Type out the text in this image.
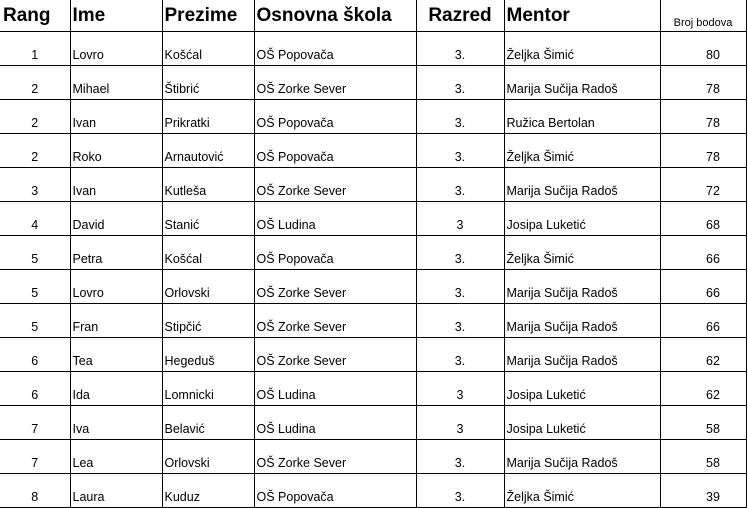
Rang	Ime	Prezime	Osnovna škola	Razred	Mentor	Broj bodova
1	Lovro	Košćal	OŠ Popovača	3.	Željka Šimić	80
2	Mihael	Štibrić	OŠ Zorke Sever	3.	Marija Sučija Radoš	78
2	Ivan	Prikratki	OŠ Popovača	3.	Ružica Bertolan	78
2	Roko	Arnautović	OŠ Popovača	3.	Željka Šimić	78
3	Ivan	Kutleša	OŠ Zorke Sever	3.	Marija Sučija Radoš	72
4	David	Stanić	OŠ Ludina	3	Josipa Luketić	68
5	Petra	Košćal	OŠ Popovača	3.	Željka Šimić	66
5	Lovro	Orlovski	OŠ Zorke Sever	3.	Marija Sučija Radoš	66
5	Fran	Stipčić	OŠ Zorke Sever	3.	Marija Sučija Radoš	66
6	Tea	Hegeduš	OŠ Zorke Sever	3.	Marija Sučija Radoš	62
6	Ida	Lomnicki	OŠ Ludina	3	Josipa Luketić	62
7	Iva	Belavić	OŠ Ludina	3	Josipa Luketić	58
7	Lea	Orlovski	OŠ Zorke Sever	3.	Marija Sučija Radoš	58
8	Laura	Kuduz	OŠ Popovača	3.	Željka Šimić	39
